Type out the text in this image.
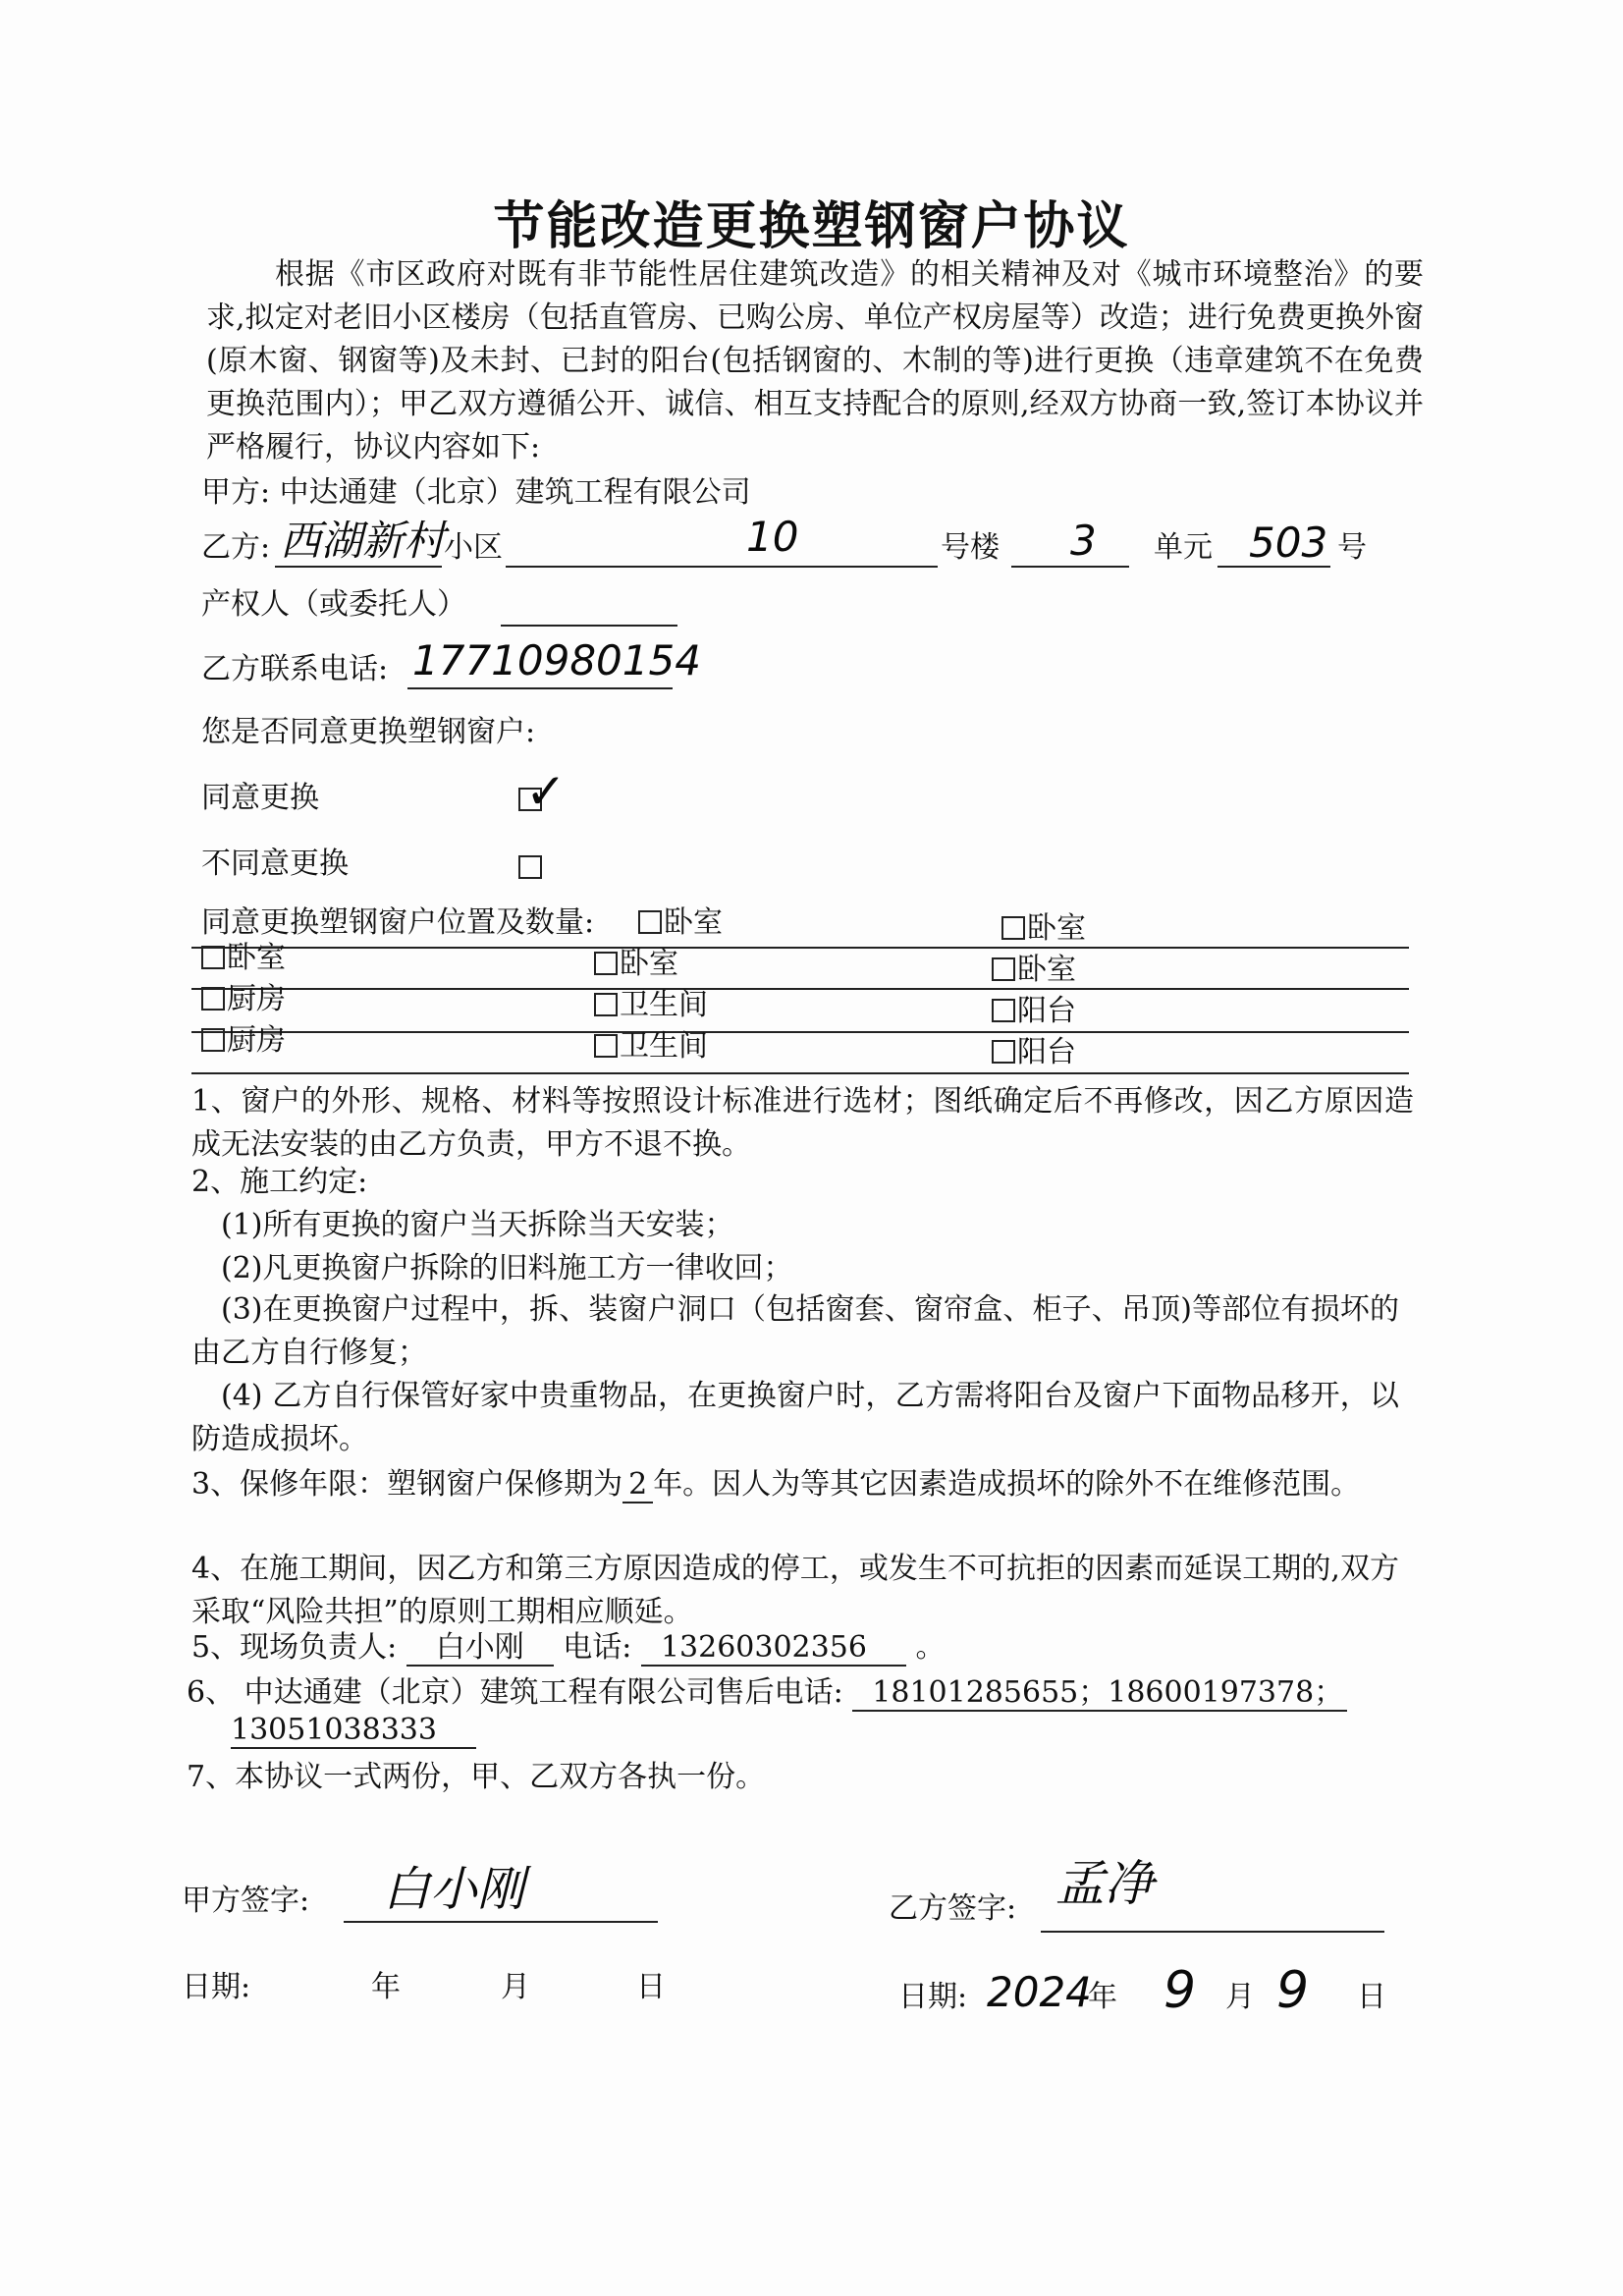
节能改造更换塑钢窗户协议
根据《市区政府对既有非节能性居住建筑改造》的相关精神及对《城市环境整治》的要求,拟定对老旧小区楼房（包括直管房、已购公房、单位产权房屋等）改造；进行免费更换外窗(原木窗、钢窗等)及未封、已封的阳台(包括钢窗的、木制的等)进行更换（违章建筑不在免费更换范围内）；甲乙双方遵循公开、诚信、相互支持配合的原则,经双方协商一致,签订本协议并严格履行，协议内容如下:
甲方: 中达通建（北京）建筑工程有限公司
乙方: 西湖新村
小区	10	号楼 3 单元 503 号
产权人（或委托人）
乙方联系电话: 17710980154
您是否同意更换塑钢窗户:
同意更换	✓
不同意更换
同意更换塑钢窗户位置及数量:	卧室	卧室
卧室	卧室	卧室
厨房	卫生间	阳台
厨房	卫生间	阳台
1、窗户的外形、规格、材料等按照设计标准进行选材；图纸确定后不再修改，因乙方原因造成无法安装的由乙方负责，甲方不退不换。
2、施工约定:
(1)所有更换的窗户当天拆除当天安装；
(2)凡更换窗户拆除的旧料施工方一律收回；
(3)在更换窗户过程中，拆、装窗户洞口（包括窗套、窗帘盒、柜子、吊顶)等部位有损坏的由乙方自行修复；
(4) 乙方自行保管好家中贵重物品，在更换窗户时，乙方需将阳台及窗户下面物品移开，以防造成损坏。
3、保修年限：塑钢窗户保修期为 2 年。因人为等其它因素造成损坏的除外不在维修范围。
4、在施工期间，因乙方和第三方原因造成的停工，或发生不可抗拒的因素而延误工期的,双方采取“风险共担”的原则工期相应顺延。
5、现场负责人: 白小刚 电话: 13260302356 。
6、 中达通建（北京）建筑工程有限公司售后电话: 18101285655；18600197378；
13051038333
7、本协议一式两份，甲、乙双方各执一份。
甲方签字: 白小刚	乙方签字: 孟净
日期:	年	月	日	日期: 2024
年 9 月 9 日
